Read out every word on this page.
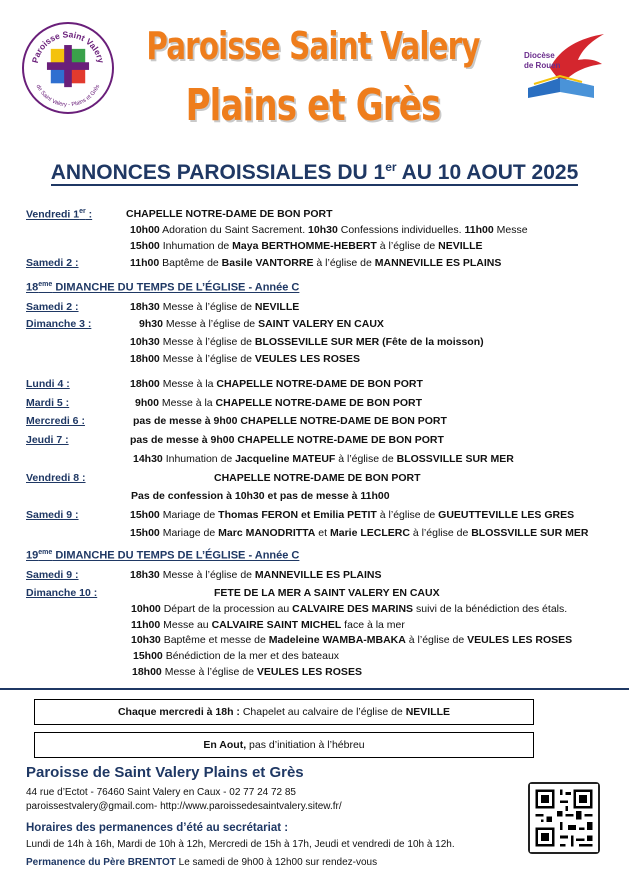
Paroisse Saint Valery
de Saint Valery - Plains et Grès
Paroisse Saint Valery
Plains et Grès
Diocèse
de Rouen
ANNONCES PAROISSIALES DU 1er AU 10 AOUT 2025
Vendredi 1er :	CHAPELLE NOTRE-DAME DE BON PORT
10h00 Adoration du Saint Sacrement. 10h30 Confessions individuelles. 11h00 Messe
15h00 Inhumation de Maya BERTHOMME-HEBERT à l’église de NEVILLE
Samedi 2 :	11h00 Baptême de Basile VANTORRE à l’église de MANNEVILLE ES PLAINS
18eme DIMANCHE DU TEMPS DE L’ÉGLISE - Année C
Samedi 2 :	18h30 Messe à l’église de NEVILLE
Dimanche 3 :	9h30 Messe à l’église de SAINT VALERY EN CAUX
10h30 Messe à l’église de BLOSSEVILLE SUR MER (Fête de la moisson)
18h00 Messe à l’église de VEULES LES ROSES
Lundi 4 :	18h00 Messe à la CHAPELLE NOTRE-DAME DE BON PORT
Mardi 5 :	9h00 Messe à la CHAPELLE NOTRE-DAME DE BON PORT
Mercredi 6 :	pas de messe à 9h00 CHAPELLE NOTRE-DAME DE BON PORT
Jeudi 7 :	pas de messe à 9h00 CHAPELLE NOTRE-DAME DE BON PORT
14h30 Inhumation de Jacqueline MATEUF à l’église de BLOSSVILLE SUR MER
Vendredi 8 :	CHAPELLE NOTRE-DAME DE BON PORT
Pas de confession à 10h30 et pas de messe à 11h00
Samedi 9 :	15h00 Mariage de Thomas FERON et Emilia PETIT à l’église de GUEUTTEVILLE LES GRES
15h00 Mariage de Marc MANODRITTA et Marie LECLERC à l’église de BLOSSVILLE SUR MER
19eme DIMANCHE DU TEMPS DE L’ÉGLISE - Année C
Samedi 9 :	18h30 Messe à l’église de MANNEVILLE ES PLAINS
Dimanche 10 :	FETE DE LA MER A SAINT VALERY EN CAUX
10h00 Départ de la procession au CALVAIRE DES MARINS suivi de la bénédiction des étals.
11h00 Messe au CALVAIRE SAINT MICHEL face à la mer
10h30 Baptême et messe de Madeleine WAMBA-MBAKA à l’église de VEULES LES ROSES
15h00 Bénédiction de la mer et des bateaux
18h00 Messe à l’église de VEULES LES ROSES
Chaque mercredi à 18h : Chapelet au calvaire de l’église de NEVILLE
En Aout, pas d’initiation à l’hébreu
Paroisse de Saint Valery Plains et Grès
44 rue d’Ectot - 76460 Saint Valery en Caux - 02 77 24 72 85
paroissestvalery@gmail.com- http://www.paroissedesaintvalery.sitew.fr/
Horaires des permanences d’été au secrétariat :
Lundi de 14h à 16h, Mardi de 10h à 12h, Mercredi de 15h à 17h, Jeudi et vendredi de 10h à 12h.
Permanence du Père BRENTOT Le samedi de 9h00 à 12h00 sur rendez-vous
